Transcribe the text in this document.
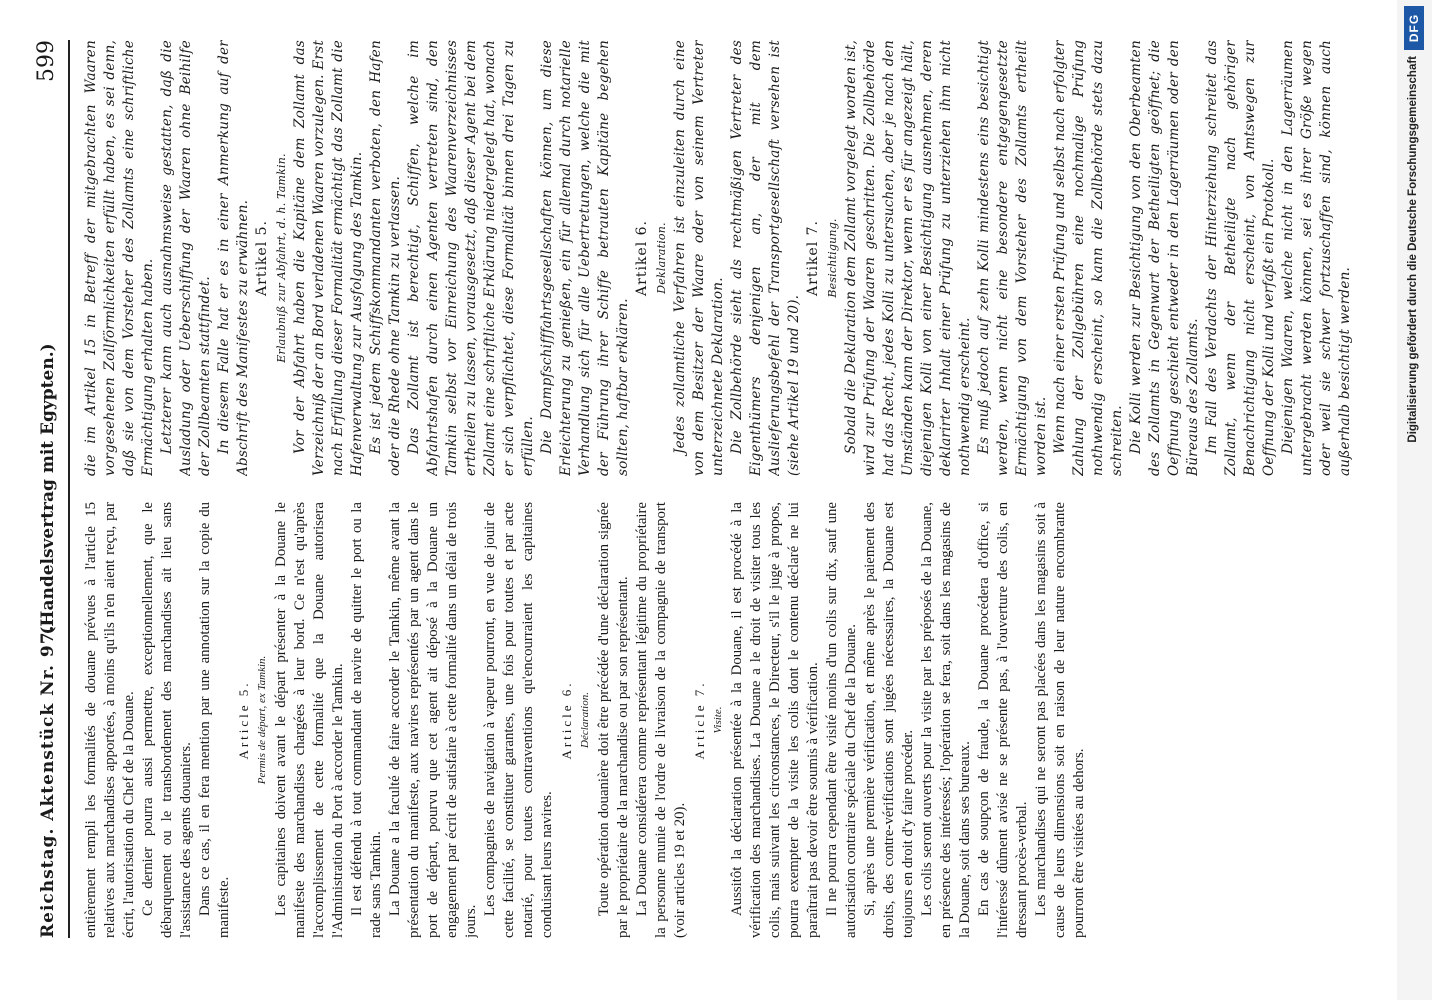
Reichstag. Aktenstück Nr. 97.
(Handelsvertrag mit Egypten.)
599

entièrement rempli les formalités de douane prévues à l'article 15 relatives aux marchandises apportées, à moins qu'ils n'en aient reçu, par écrit, l'autorisation du Chef de la Douane. Ce dernier pourra aussi permettre, exceptionnellement, que le débarquement ou le transbordement des marchandises ait lieu sans l'assistance des agents douaniers. Dans ce cas, il en fera mention par une annotation sur la copie du manifeste.

Article 5. Permis de départ, ex Tamkin. Les capitaines doivent avant le départ présenter à la Douane le manifeste des marchandises chargées à leur bord. Ce n'est qu'après l'accomplissement de cette formalité que la Douane autorisera l'Administration du Port à accorder le Tamkin. Il est défendu à tout commandant de navire de quitter le port ou la rade sans Tamkin. La Douane a la faculté de faire accorder le Tamkin, même avant la présentation du manifeste, aux navires représentés par un agent dans le port de départ, pourvu que cet agent ait déposé à la Douane un engagement par écrit de satisfaire à cette formalité dans un délai de trois jours.

Les compagnies de navigation à vapeur pourront, en vue de jouir de cette facilité, se constituer garantes, une fois pour toutes et par acte notarié, pour toutes contraventions qu'encourraient les capitaines conduisant leurs navires.

Article 6. Déclaration. Toute opération douanière doit être précédée d'une déclaration signée par le propriétaire de la marchandise ou par son représentant. La Douane considérera comme représentant légitime du propriétaire la personne munie de l'ordre de livraison de la compagnie de transport (voir articles 19 et 20).

Article 7. Visite. Aussitôt la déclaration présentée à la Douane, il est procédé à la vérification des marchandises. La Douane a le droit de visiter tous les colis, mais suivant les circonstances, le Directeur, s'il le juge à propos, pourra exempter de la visite les colis dont le contenu déclaré ne lui paraîtrait pas devoir être soumis à vérification. Il ne pourra cependant être visité moins d'un colis sur dix, sauf une autorisation contraire spéciale du Chef de la Douane. Si, après une première vérification, et même après le paiement des droits, des contre-vérifications sont jugées nécessaires, la Douane est toujours en droit d'y faire procéder. Les colis seront ouverts pour la visite par les préposés de la Douane, en présence des intéressés; l'opération se fera, soit dans les magasins de la Douane, soit dans ses bureaux. En cas de soupçon de fraude, la Douane procédera d'office, si l'intéressé dûment avisé ne se présente pas, à l'ouverture des colis, en dressant procès-verbal. Les marchandises qui ne seront pas placées dans les magasins soit à cause de leurs dimensions soit en raison de leur nature encombrante pourront être visitées au dehors.

die im Artikel 15 in Betreff der mitgebrachten Waaren vorgesehenen Zollförmlichkeiten erfüllt haben, es sei denn, daß sie von dem Vorsteher des Zollamts eine schriftliche Ermächtigung erhalten haben. Letzterer kann auch ausnahmsweise gestatten, daß die Ausladung oder Ueberschiffung der Waaren ohne Beihilfe der Zollbeamten stattfindet. In diesem Falle hat er es in einer Anmerkung auf der Abschrift des Manifestes zu erwähnen. Artikel 5. Erlaubniß zur Abfahrt, d. h. Tamkin. Vor der Abfahrt haben die Kapitäne dem Zollamt das Verzeichniß der an Bord verladenen Waaren vorzulegen. Erst nach Erfüllung dieser Formalität ermächtigt das Zollamt die Hafenverwaltung zur Ausfolgung des Tamkin. Es ist jedem Schiffskommandanten verboten, den Hafen oder die Rhede ohne Tamkin zu verlassen. Das Zollamt ist berechtigt, Schiffen, welche im Abfahrtshafen durch einen Agenten vertreten sind, den Tamkin selbst vor Einreichung des Waarenverzeichnisses ertheilen zu lassen, vorausgesetzt, daß dieser Agent bei dem Zollamt eine schriftliche Erklärung niedergelegt hat, wonach er sich verpflichtet, diese Formalität binnen drei Tagen zu erfüllen. Die Dampfschifffahrtsgesellschaften können, um diese Erleichterung zu genießen, ein für allemal durch notarielle Verhandlung sich für alle Uebertretungen, welche die mit der Führung ihrer Schiffe betrauten Kapitäne begehen sollten, haftbar erklären.

Artikel 6. Deklaration. Jedes zollamtliche Verfahren ist einzuleiten durch eine von dem Besitzer der Waare oder von seinem Vertreter unterzeichnete Deklaration. Die Zollbehörde sieht als rechtmäßigen Vertreter des Eigenthümers denjenigen an, der mit dem Auslieferungsbefehl der Transportgesellschaft versehen ist (siehe Artikel 19 und 20).

Artikel 7. Besichtigung. Sobald die Deklaration dem Zollamt vorgelegt worden ist, wird zur Prüfung der Waaren geschritten. Die Zollbehörde hat das Recht, jedes Kolli zu untersuchen, aber je nach den Umständen kann der Direktor, wenn er es für angezeigt hält, diejenigen Kolli von einer Besichtigung ausnehmen, deren deklarirter Inhalt einer Prüfung zu unterziehen ihm nicht nothwendig erscheint. Es muß jedoch auf zehn Kolli mindestens eins besichtigt werden, wenn nicht eine besondere entgegengesetzte Ermächtigung von dem Vorsteher des Zollamts ertheilt worden ist. Wenn nach einer ersten Prüfung und selbst nach erfolgter Zahlung der Zollgebühren eine nochmalige Prüfung nothwendig erscheint, so kann die Zollbehörde stets dazu schreiten. Die Kolli werden zur Besichtigung von den Oberbeamten des Zollamts in Gegenwart der Betheiligten geöffnet; die Oeffnung geschieht entweder in den Lagerräumen oder den Büreaus des Zollamts. Im Fall des Verdachts der Hinterziehung schreitet das Zollamt, wenn der Betheiligte nach gehöriger Benachrichtigung nicht erscheint, von Amtswegen zur Oeffnung der Kolli und verfaßt ein Protokoll. Diejenigen Waaren, welche nicht in den Lagerräumen untergebracht werden können, sei es ihrer Größe wegen oder weil sie schwer fortzuschaffen sind, können auch außerhalb besichtigt werden.	Digitalisierung gefördert durch die Deutsche Forschungsgemeinschaft
DFG
